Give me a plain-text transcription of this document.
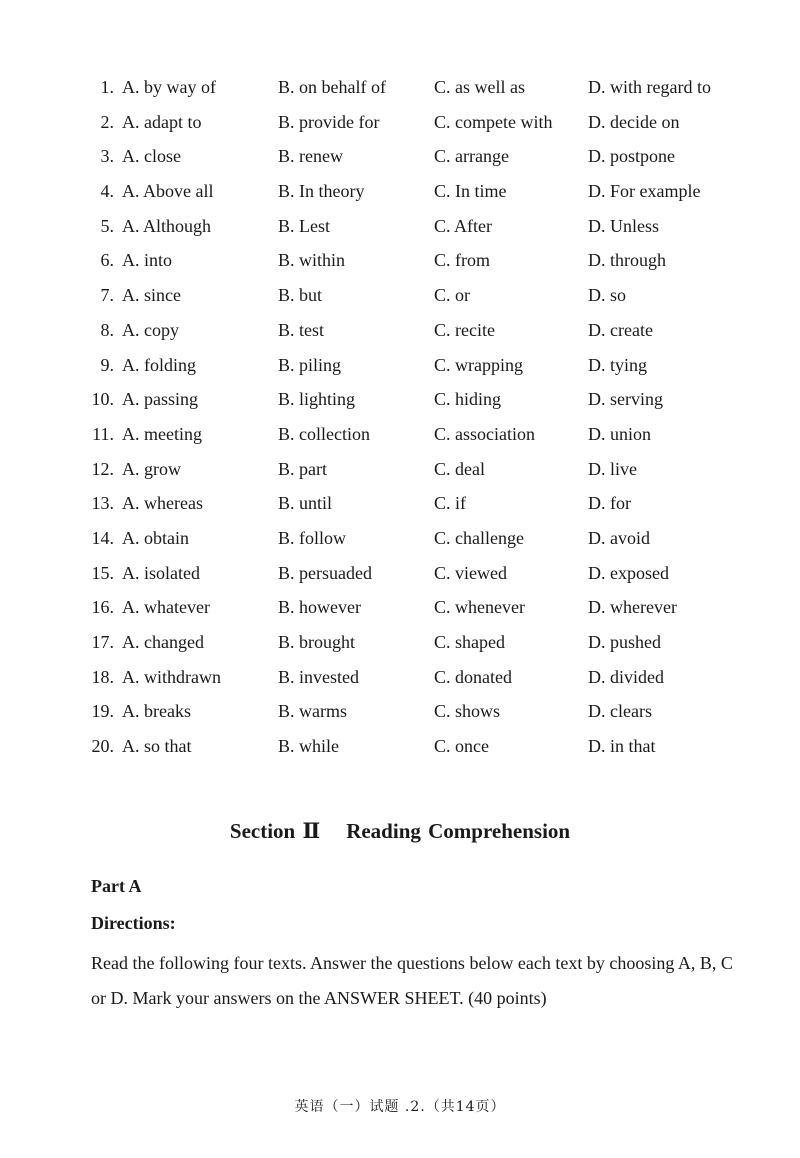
1. A. by way of	B. on behalf of	C. as well as	D. with regard to
2. A. adapt to	B. provide for	C. compete with D. decide on
3. A. close	B. renew	C. arrange	D. postpone
4. A. Above all	B. In theory	C. In time	D. For example
5. A. Although	B. Lest	C. After	D. Unless
6. A. into	B. within	C. from	D. through
7. A. since	B. but	C. or	D. so
8. A. copy	B. test	C. recite	D. create
9. A. folding	B. piling	C. wrapping	D. tying
10. A. passing	B. lighting	C. hiding	D. serving
11. A. meeting	B. collection	C. association	D. union
12. A. grow	B. part	C. deal	D. live
13. A. whereas	B. until	C. if	D. for
14. A. obtain	B. follow	C. challenge	D. avoid
15. A. isolated	B. persuaded	C. viewed	D. exposed
16. A. whatever	B. however	C. whenever	D. wherever
17. A. changed	B. brought	C. shaped	D. pushed
18. A. withdrawn	B. invested	C. donated	D. divided
19. A. breaks	B. warms	C. shows	D. clears
20. A. so that	B. while	C. once	D. in that
Section Ⅱ Reading Comprehension
Part A
Directions:
Read the following four texts. Answer the questions below each text by choosing A, B, C or D. Mark your answers on the ANSWER SHEET. (40 points)
英语（一）试题 .2.（共14页）
